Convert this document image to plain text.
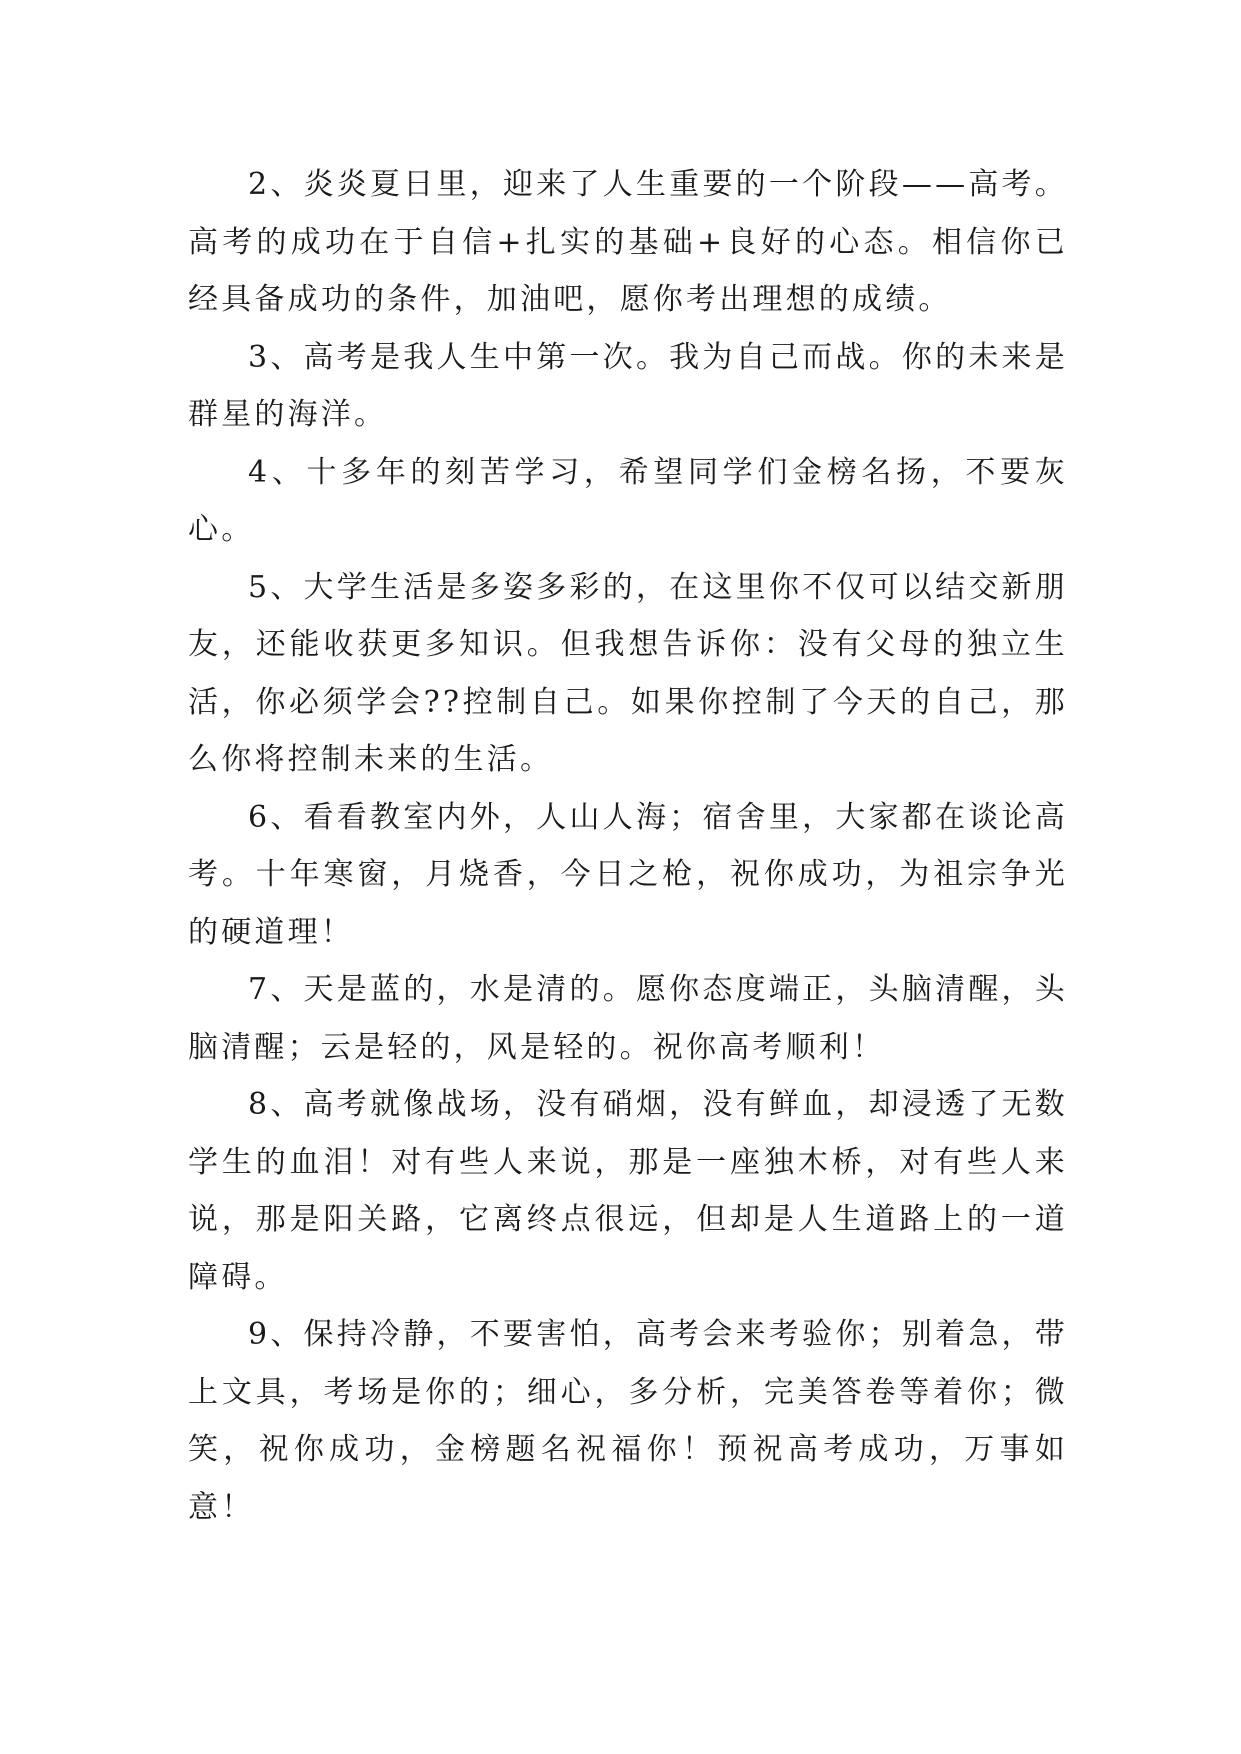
2、炎炎夏日里，迎来了人生重要的一个阶段——高考。高考的成功在于自信+扎实的基础+良好的心态。相信你已经具备成功的条件，加油吧，愿你考出理想的成绩。

3、高考是我人生中第一次。我为自己而战。你的未来是群星的海洋。

4、十多年的刻苦学习，希望同学们金榜名扬，不要灰心。

5、大学生活是多姿多彩的，在这里你不仅可以结交新朋友，还能收获更多知识。但我想告诉你：没有父母的独立生活，你必须学会??控制自己。如果你控制了今天的自己，那么你将控制未来的生活。

6、看看教室内外，人山人海；宿舍里，大家都在谈论高考。十年寒窗，月烧香，今日之枪，祝你成功，为祖宗争光的硬道理！

7、天是蓝的，水是清的。愿你态度端正，头脑清醒，头脑清醒；云是轻的，风是轻的。祝你高考顺利！

8、高考就像战场，没有硝烟，没有鲜血，却浸透了无数学生的血泪！对有些人来说，那是一座独木桥，对有些人来说，那是阳关路，它离终点很远，但却是人生道路上的一道障碍。

9、保持冷静，不要害怕，高考会来考验你；别着急，带上文具，考场是你的；细心，多分析，完美答卷等着你；微笑，祝你成功，金榜题名祝福你！预祝高考成功，万事如意！
